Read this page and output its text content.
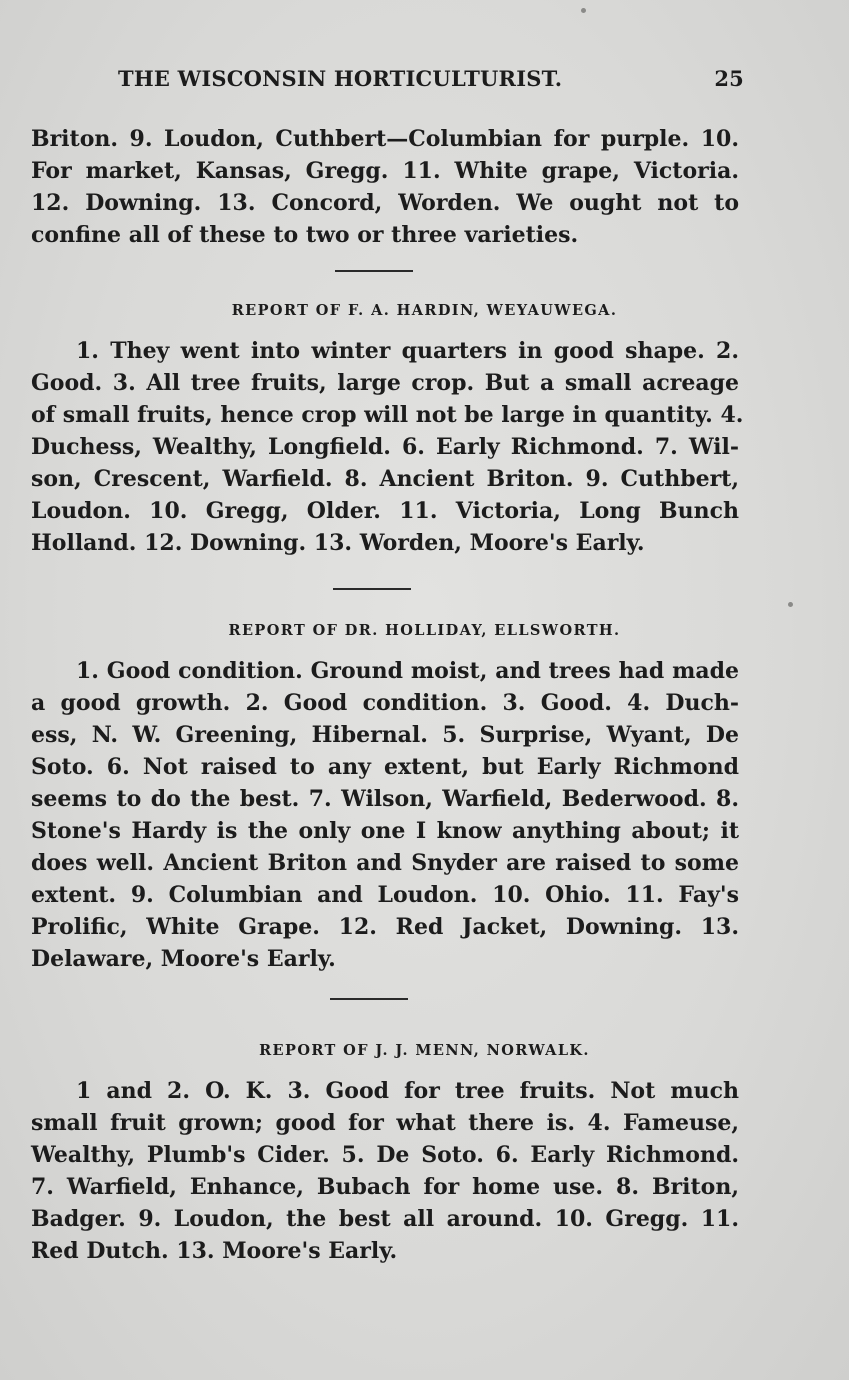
THE WISCONSIN HORTICULTURIST.	25
Briton. 9. Loudon, Cuthbert—Columbian for purple. 10.
For market, Kansas, Gregg. 11. White grape, Victoria.
12. Downing. 13. Concord, Worden. We ought not to
confine all of these to two or three varieties.
REPORT OF F. A. HARDIN, WEYAUWEGA.
1. They went into winter quarters in good shape. 2.
Good. 3. All tree fruits, large crop. But a small acreage
of small fruits, hence crop will not be large in quantity. 4.
Duchess, Wealthy, Longfield. 6. Early Richmond. 7. Wil-
son, Crescent, Warfield. 8. Ancient Briton. 9. Cuthbert,
Loudon. 10. Gregg, Older. 11. Victoria, Long Bunch
Holland. 12. Downing. 13. Worden, Moore's Early.
REPORT OF DR. HOLLIDAY, ELLSWORTH.
1. Good condition. Ground moist, and trees had made
a good growth. 2. Good condition. 3. Good. 4. Duch-
ess, N. W. Greening, Hibernal. 5. Surprise, Wyant, De
Soto. 6. Not raised to any extent, but Early Richmond
seems to do the best. 7. Wilson, Warfield, Bederwood. 8.
Stone's Hardy is the only one I know anything about; it
does well. Ancient Briton and Snyder are raised to some
extent. 9. Columbian and Loudon. 10. Ohio. 11. Fay's
Prolific, White Grape. 12. Red Jacket, Downing. 13.
Delaware, Moore's Early.
REPORT OF J. J. MENN, NORWALK.
1 and 2. O. K. 3. Good for tree fruits. Not much
small fruit grown; good for what there is. 4. Fameuse,
Wealthy, Plumb's Cider. 5. De Soto. 6. Early Richmond.
7. Warfield, Enhance, Bubach for home use. 8. Briton,
Badger. 9. Loudon, the best all around. 10. Gregg. 11.
Red Dutch. 13. Moore's Early.
